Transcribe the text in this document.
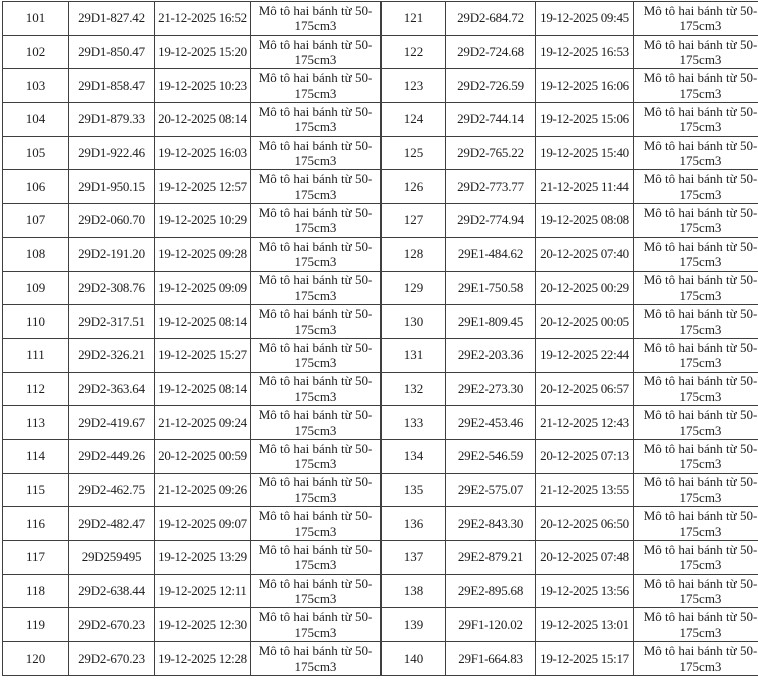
101	29D1-827.42	21-12-2025 16:52	Mô tô hai bánh từ 50-175cm3
102	29D1-850.47	19-12-2025 15:20	Mô tô hai bánh từ 50-175cm3
103	29D1-858.47	19-12-2025 10:23	Mô tô hai bánh từ 50-175cm3
104	29D1-879.33	20-12-2025 08:14	Mô tô hai bánh từ 50-175cm3
105	29D1-922.46	19-12-2025 16:03	Mô tô hai bánh từ 50-175cm3
106	29D1-950.15	19-12-2025 12:57	Mô tô hai bánh từ 50-175cm3
107	29D2-060.70	19-12-2025 10:29	Mô tô hai bánh từ 50-175cm3
108	29D2-191.20	19-12-2025 09:28	Mô tô hai bánh từ 50-175cm3
109	29D2-308.76	19-12-2025 09:09	Mô tô hai bánh từ 50-175cm3
110	29D2-317.51	19-12-2025 08:14	Mô tô hai bánh từ 50-175cm3
111	29D2-326.21	19-12-2025 15:27	Mô tô hai bánh từ 50-175cm3
112	29D2-363.64	19-12-2025 08:14	Mô tô hai bánh từ 50-175cm3
113	29D2-419.67	21-12-2025 09:24	Mô tô hai bánh từ 50-175cm3
114	29D2-449.26	20-12-2025 00:59	Mô tô hai bánh từ 50-175cm3
115	29D2-462.75	21-12-2025 09:26	Mô tô hai bánh từ 50-175cm3
116	29D2-482.47	19-12-2025 09:07	Mô tô hai bánh từ 50-175cm3
117	29D259495	19-12-2025 13:29	Mô tô hai bánh từ 50-175cm3
118	29D2-638.44	19-12-2025 12:11	Mô tô hai bánh từ 50-175cm3
119	29D2-670.23	19-12-2025 12:30	Mô tô hai bánh từ 50-175cm3
120	29D2-670.23	19-12-2025 12:28	Mô tô hai bánh từ 50-175cm3
121	29D2-684.72	19-12-2025 09:45	Mô tô hai bánh từ 50-175cm3
122	29D2-724.68	19-12-2025 16:53	Mô tô hai bánh từ 50-175cm3
123	29D2-726.59	19-12-2025 16:06	Mô tô hai bánh từ 50-175cm3
124	29D2-744.14	19-12-2025 15:06	Mô tô hai bánh từ 50-175cm3
125	29D2-765.22	19-12-2025 15:40	Mô tô hai bánh từ 50-175cm3
126	29D2-773.77	21-12-2025 11:44	Mô tô hai bánh từ 50-175cm3
127	29D2-774.94	19-12-2025 08:08	Mô tô hai bánh từ 50-175cm3
128	29E1-484.62	20-12-2025 07:40	Mô tô hai bánh từ 50-175cm3
129	29E1-750.58	20-12-2025 00:29	Mô tô hai bánh từ 50-175cm3
130	29E1-809.45	20-12-2025 00:05	Mô tô hai bánh từ 50-175cm3
131	29E2-203.36	19-12-2025 22:44	Mô tô hai bánh từ 50-175cm3
132	29E2-273.30	20-12-2025 06:57	Mô tô hai bánh từ 50-175cm3
133	29E2-453.46	21-12-2025 12:43	Mô tô hai bánh từ 50-175cm3
134	29E2-546.59	20-12-2025 07:13	Mô tô hai bánh từ 50-175cm3
135	29E2-575.07	21-12-2025 13:55	Mô tô hai bánh từ 50-175cm3
136	29E2-843.30	20-12-2025 06:50	Mô tô hai bánh từ 50-175cm3
137	29E2-879.21	20-12-2025 07:48	Mô tô hai bánh từ 50-175cm3
138	29E2-895.68	19-12-2025 13:56	Mô tô hai bánh từ 50-175cm3
139	29F1-120.02	19-12-2025 13:01	Mô tô hai bánh từ 50-175cm3
140	29F1-664.83	19-12-2025 15:17	Mô tô hai bánh từ 50-175cm3
